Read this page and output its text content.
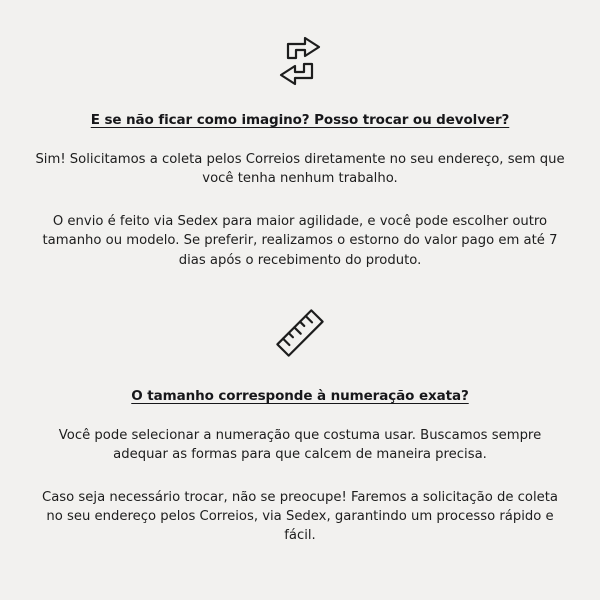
E se não ficar como imagino? Posso trocar ou devolver?

Sim! Solicitamos a coleta pelos Correios diretamente no seu endereço, sem que você tenha nenhum trabalho.

O envio é feito via Sedex para maior agilidade, e você pode escolher outro tamanho ou modelo. Se preferir, realizamos o estorno do valor pago em até 7 dias após o recebimento do produto.

O tamanho corresponde à numeração exata?

Você pode selecionar a numeração que costuma usar. Buscamos sempre adequar as formas para que calcem de maneira precisa.

Caso seja necessário trocar, não se preocupe! Faremos a solicitação de coleta no seu endereço pelos Correios, via Sedex, garantindo um processo rápido e fácil.
